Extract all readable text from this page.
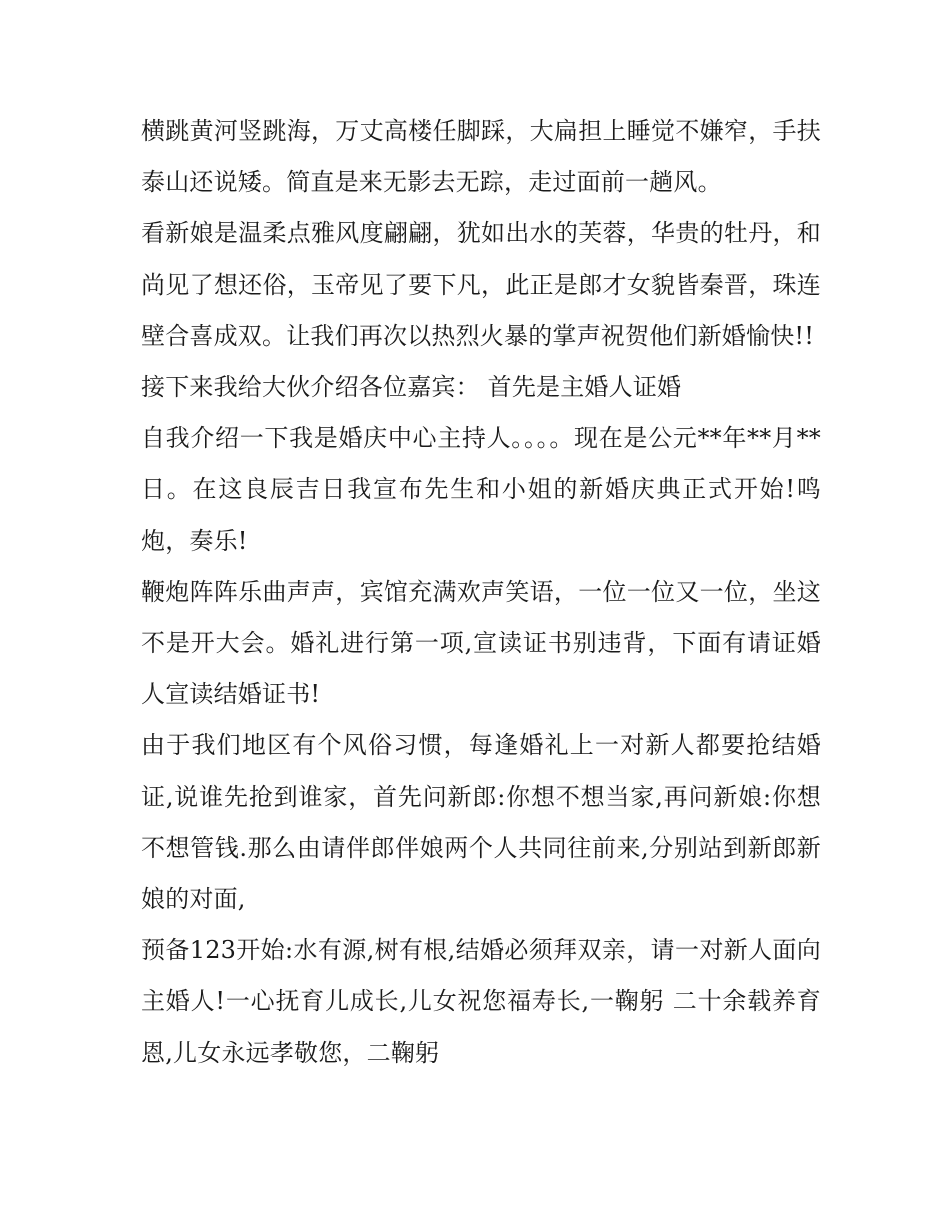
横跳黄河竖跳海，万丈高楼任脚踩，大扁担上睡觉不嫌窄，手扶泰山还说矮。简直是来无影去无踪，走过面前一趟风。

看新娘是温柔点雅风度翩翩，犹如出水的芙蓉，华贵的牡丹，和尚见了想还俗，玉帝见了要下凡，此正是郎才女貌皆秦晋，珠连壁合喜成双。让我们再次以热烈火暴的掌声祝贺他们新婚愉快!!

接下来我给大伙介绍各位嘉宾： 首先是主婚人证婚

自我介绍一下我是婚庆中心主持人。。。。现在是公元**年**月**日。在这良辰吉日我宣布先生和小姐的新婚庆典正式开始!鸣炮，奏乐!

鞭炮阵阵乐曲声声，宾馆充满欢声笑语，一位一位又一位，坐这不是开大会。婚礼进行第一项,宣读证书别违背，下面有请证婚人宣读结婚证书!

由于我们地区有个风俗习惯，每逢婚礼上一对新人都要抢结婚证,说谁先抢到谁家，首先问新郎:你想不想当家,再问新娘:你想不想管钱.那么由请伴郎伴娘两个人共同往前来,分别站到新郎新娘的对面,

预备123开始:水有源,树有根,结婚必须拜双亲，请一对新人面向主婚人!一心抚育儿成长,儿女祝您福寿长,一鞠躬 二十余载养育恩,儿女永远孝敬您，二鞠躬
